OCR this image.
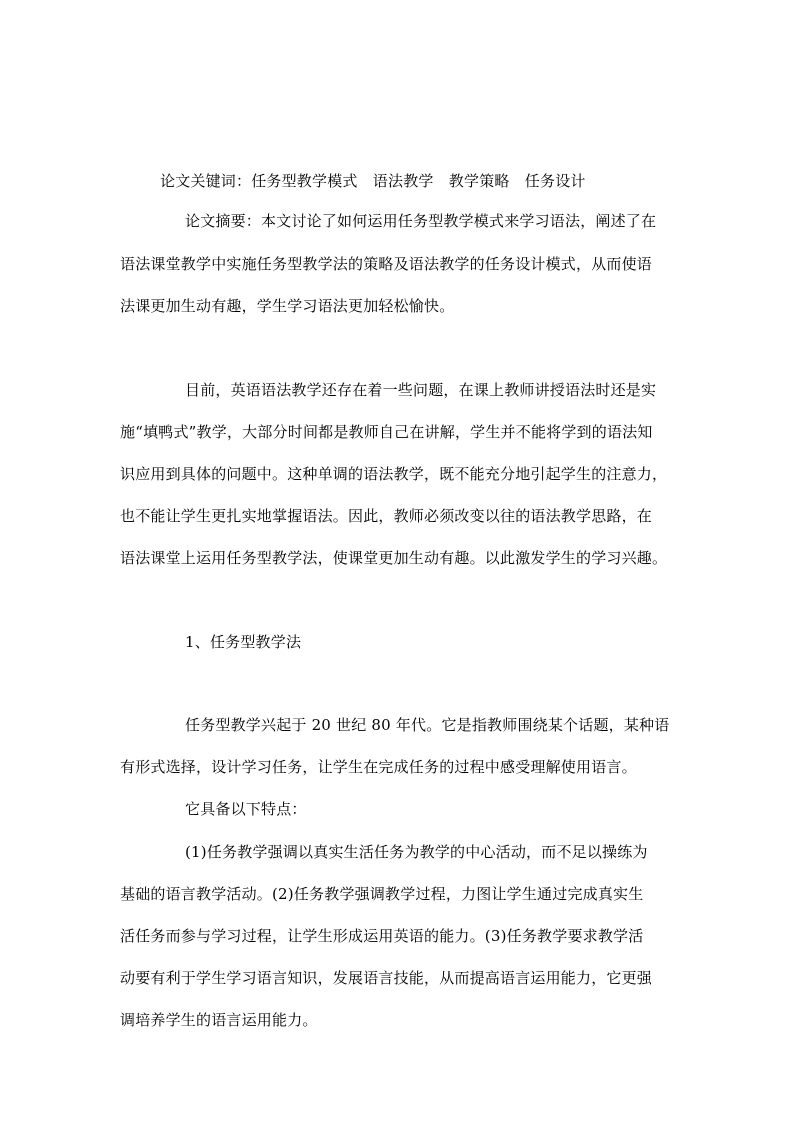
论文关键词：任务型教学模式　语法教学　教学策略　任务设计
论文摘要：本文讨论了如何运用任务型教学模式来学习语法，阐述了在
语法课堂教学中实施任务型教学法的策略及语法教学的任务设计模式，从而使语
法课更加生动有趣，学生学习语法更加轻松愉快。
目前，英语语法教学还存在着一些问题，在课上教师讲授语法时还是实
施“填鸭式”教学，大部分时间都是教师自己在讲解，学生并不能将学到的语法知
识应用到具体的问题中。这种单调的语法教学，既不能充分地引起学生的注意力，
也不能让学生更扎实地掌握语法。因此，教师必须改变以往的语法教学思路，在
语法课堂上运用任务型教学法，使课堂更加生动有趣。以此激发学生的学习兴趣。
1、任务型教学法
任务型教学兴起于 20 世纪 80 年代。它是指教师围绕某个话题，某种语
有形式选择，设计学习任务，让学生在完成任务的过程中感受理解使用语言。
它具备以下特点：
(1)任务教学强调以真实生活任务为教学的中心活动，而不足以操练为
基础的语言教学活动。(2)任务教学强调教学过程，力图让学生通过完成真实生
活任务而参与学习过程，让学生形成运用英语的能力。(3)任务教学要求教学活
动要有利于学生学习语言知识，发展语言技能，从而提高语言运用能力，它更强
调培养学生的语言运用能力。
